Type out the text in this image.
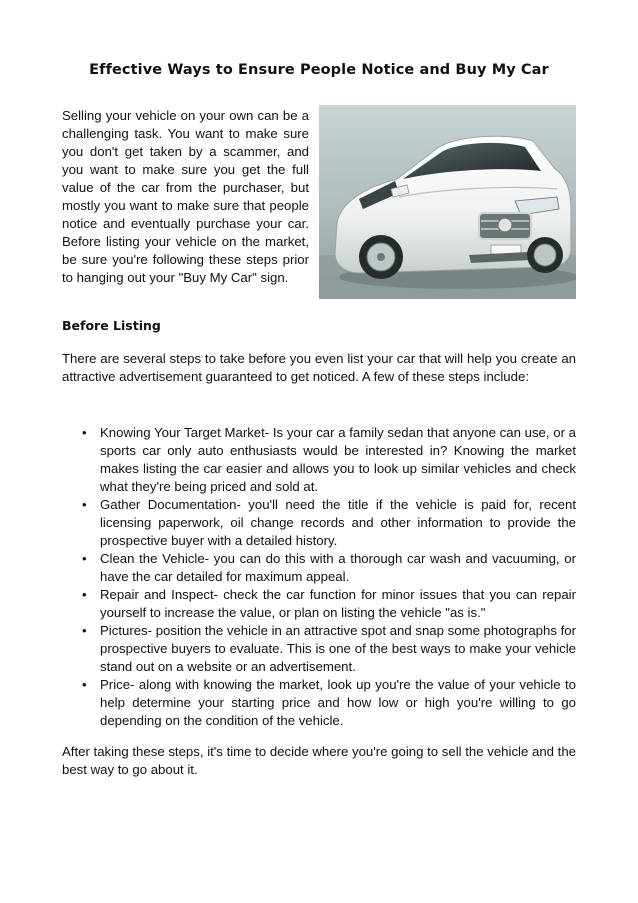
Effective Ways to Ensure People Notice and Buy My Car

Selling your vehicle on your own can be a challenging task. You want to make sure you don't get taken by a scammer, and you want to make sure you get the full value of the car from the purchaser, but mostly you want to make sure that people notice and eventually purchase your car. Before listing your vehicle on the market, be sure you're following these steps prior to hanging out your "Buy My Car" sign.

Before Listing

There are several steps to take before you even list your car that will help you create an attractive advertisement guaranteed to get noticed. A few of these steps include:

• Knowing Your Target Market- Is your car a family sedan that anyone can use, or a sports car only auto enthusiasts would be interested in? Knowing the market makes listing the car easier and allows you to look up similar vehicles and check what they're being priced and sold at.
• Gather Documentation- you'll need the title if the vehicle is paid for, recent licensing paperwork, oil change records and other information to provide the prospective buyer with a detailed history.
• Clean the Vehicle- you can do this with a thorough car wash and vacuuming, or have the car detailed for maximum appeal.
• Repair and Inspect- check the car function for minor issues that you can repair yourself to increase the value, or plan on listing the vehicle "as is."
• Pictures- position the vehicle in an attractive spot and snap some photographs for prospective buyers to evaluate. This is one of the best ways to make your vehicle stand out on a website or an advertisement.
• Price- along with knowing the market, look up you're the value of your vehicle to help determine your starting price and how low or high you're willing to go depending on the condition of the vehicle.

After taking these steps, it's time to decide where you're going to sell the vehicle and the best way to go about it.
